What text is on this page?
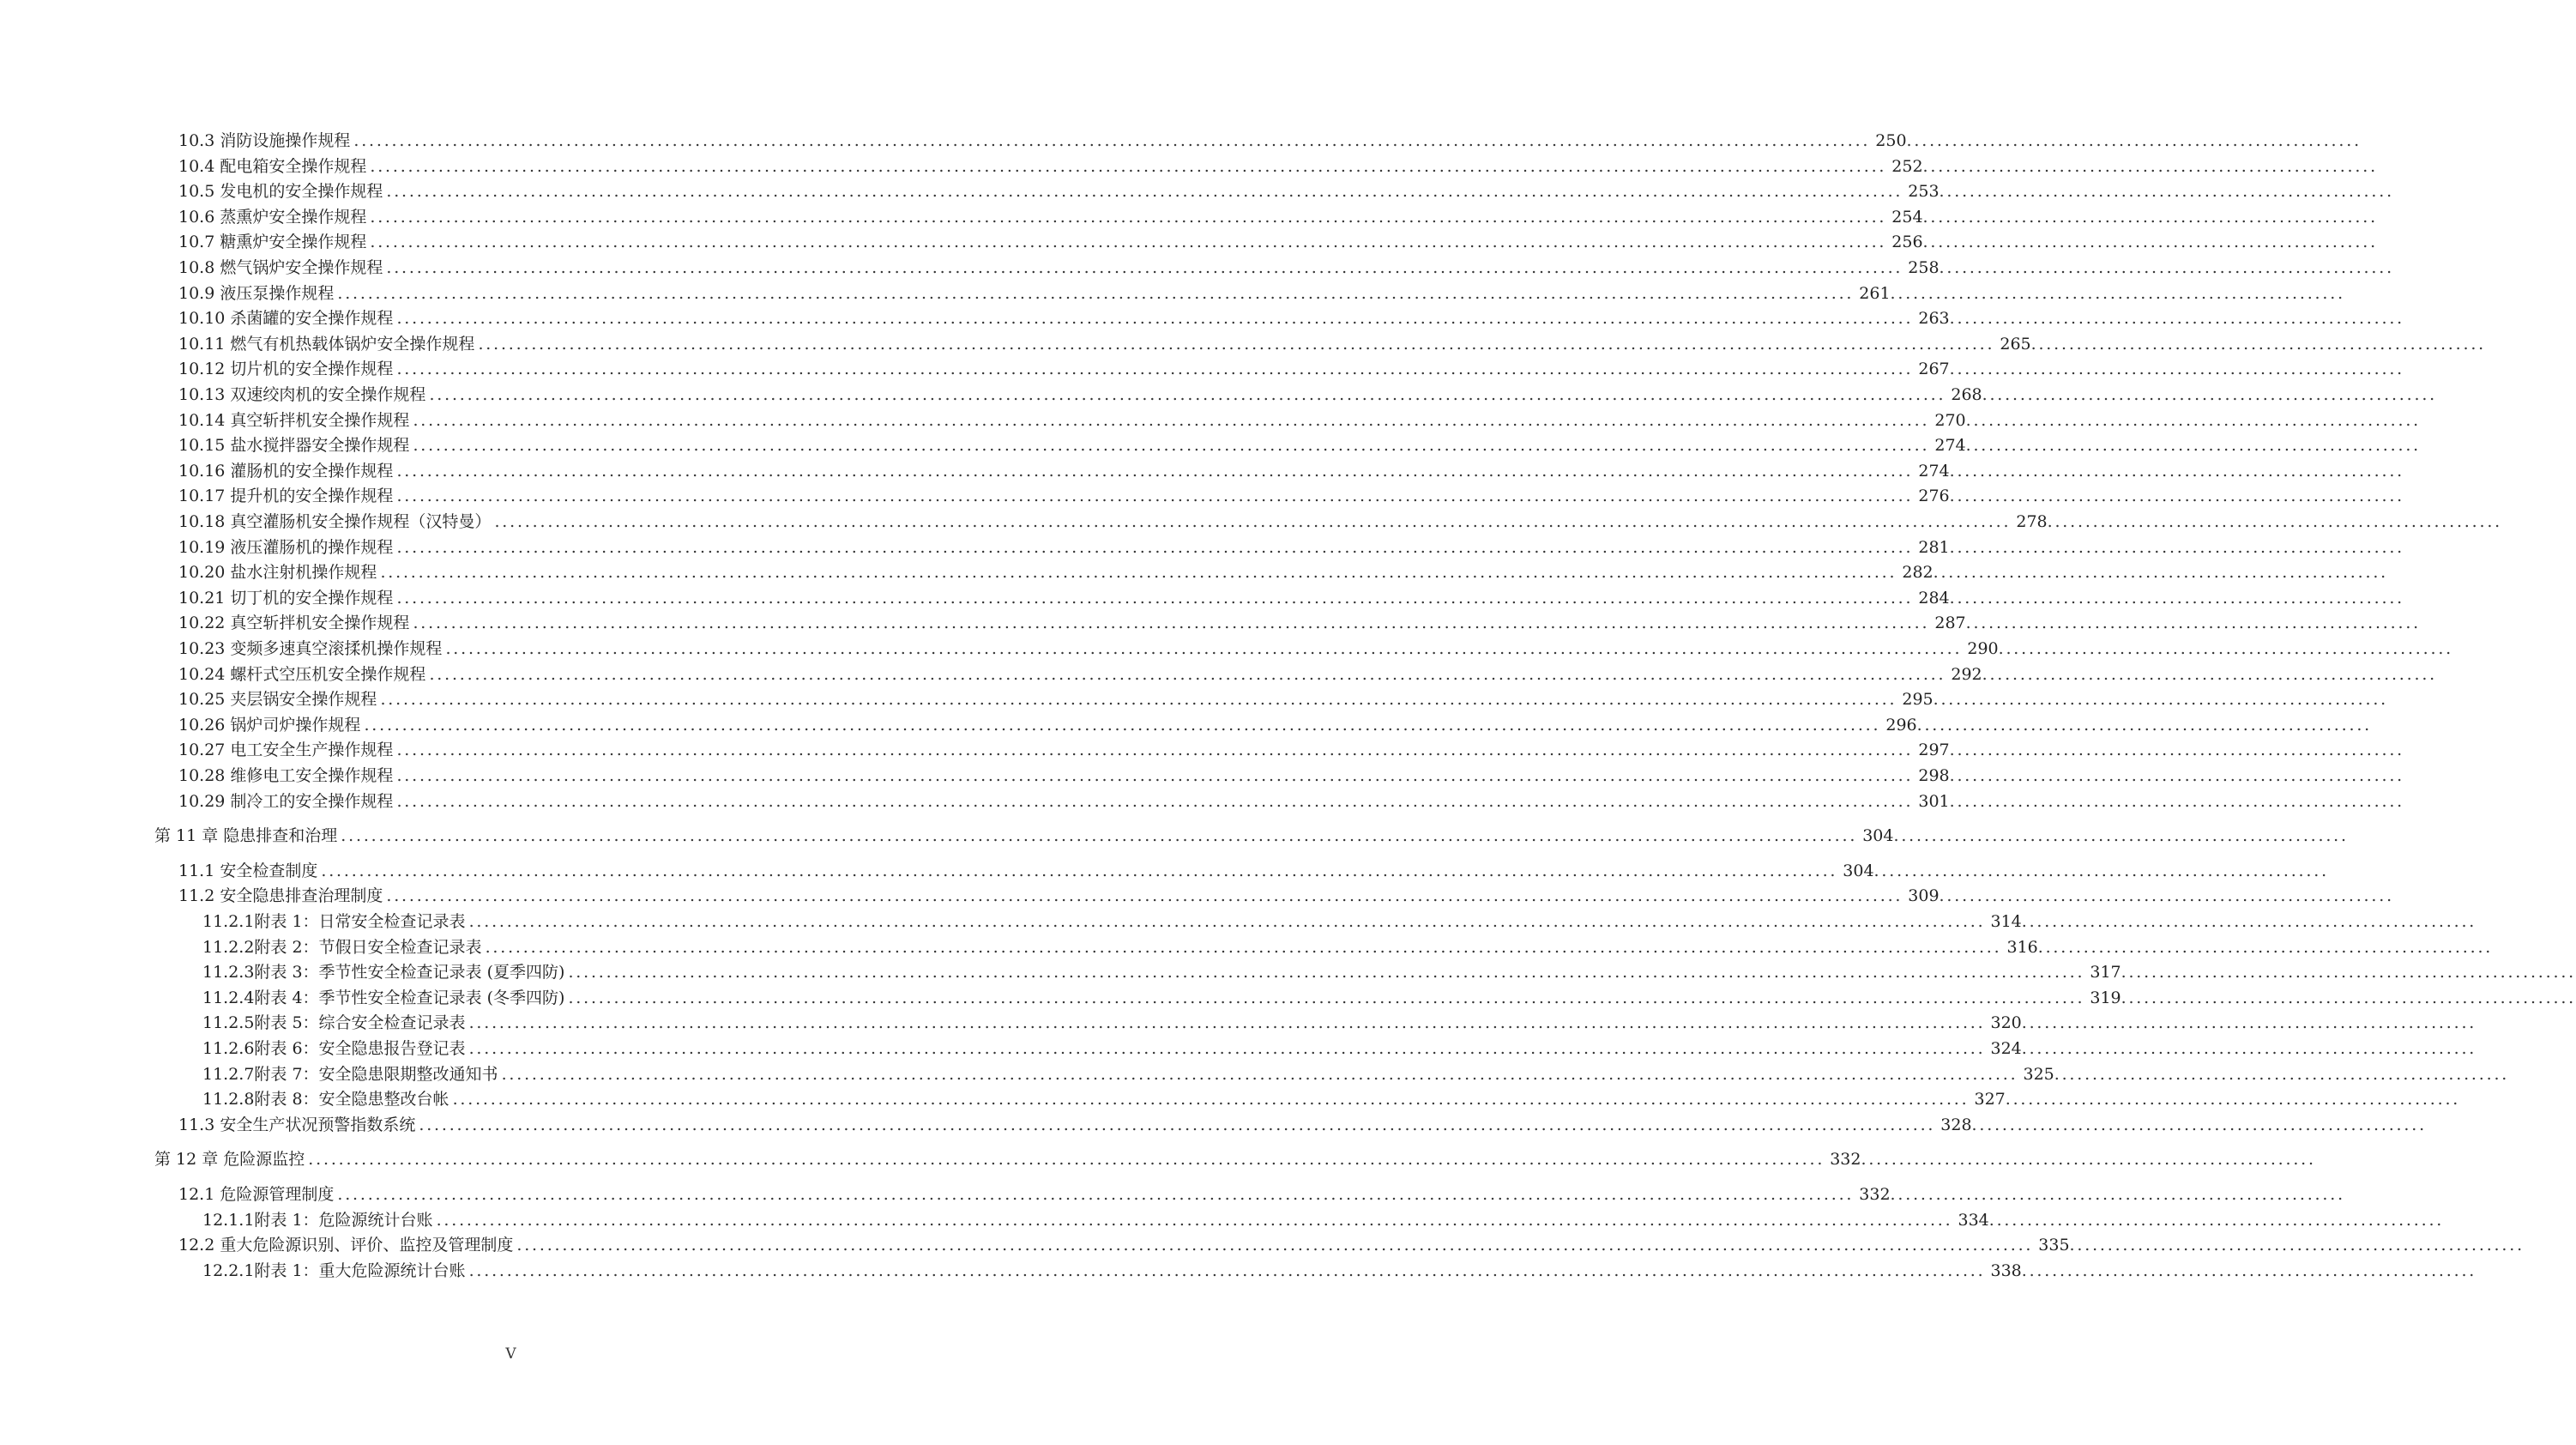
10.3 消防设施操作规程 ........................................................................................................................................................................................................ 250 ............................................................
10.4 配电箱安全操作规程 ........................................................................................................................................................................................................ 252 ............................................................
10.5 发电机的安全操作规程 ........................................................................................................................................................................................................ 253 ............................................................
10.6 蒸熏炉安全操作规程 ........................................................................................................................................................................................................ 254 ............................................................
10.7 糖熏炉安全操作规程 ........................................................................................................................................................................................................ 256 ............................................................
10.8 燃气锅炉安全操作规程 ........................................................................................................................................................................................................ 258 ............................................................
10.9 液压泵操作规程 ........................................................................................................................................................................................................ 261 ............................................................
10.10 杀菌罐的安全操作规程 ........................................................................................................................................................................................................ 263 ............................................................
10.11 燃气有机热载体锅炉安全操作规程 ........................................................................................................................................................................................................ 265 ............................................................
10.12 切片机的安全操作规程 ........................................................................................................................................................................................................ 267 ............................................................
10.13 双速绞肉机的安全操作规程 ........................................................................................................................................................................................................ 268 ............................................................
10.14 真空斩拌机安全操作规程 ........................................................................................................................................................................................................ 270 ............................................................
10.15 盐水搅拌器安全操作规程 ........................................................................................................................................................................................................ 274 ............................................................
10.16 灌肠机的安全操作规程 ........................................................................................................................................................................................................ 274 ............................................................
10.17 提升机的安全操作规程 ........................................................................................................................................................................................................ 276 ............................................................
10.18 真空灌肠机安全操作规程（汉特曼） ........................................................................................................................................................................................................ 278 ............................................................
10.19 液压灌肠机的操作规程 ........................................................................................................................................................................................................ 281 ............................................................
10.20 盐水注射机操作规程 ........................................................................................................................................................................................................ 282 ............................................................
10.21 切丁机的安全操作规程 ........................................................................................................................................................................................................ 284 ............................................................
10.22 真空斩拌机安全操作规程 ........................................................................................................................................................................................................ 287 ............................................................
10.23 变频多速真空滚揉机操作规程 ........................................................................................................................................................................................................ 290 ............................................................
10.24 螺杆式空压机安全操作规程 ........................................................................................................................................................................................................ 292 ............................................................
10.25 夹层锅安全操作规程 ........................................................................................................................................................................................................ 295 ............................................................
10.26 锅炉司炉操作规程 ........................................................................................................................................................................................................ 296 ............................................................
10.27 电工安全生产操作规程 ........................................................................................................................................................................................................ 297 ............................................................
10.28 维修电工安全操作规程 ........................................................................................................................................................................................................ 298 ............................................................
10.29 制冷工的安全操作规程 ........................................................................................................................................................................................................ 301 ............................................................
第 11 章 隐患排查和治理 ........................................................................................................................................................................................................ 304 ............................................................
11.1 安全检查制度 ........................................................................................................................................................................................................ 304 ............................................................
11.2 安全隐患排查治理制度 ........................................................................................................................................................................................................ 309 ............................................................
11.2.1附表 1：日常安全检查记录表 ........................................................................................................................................................................................................ 314 ............................................................
11.2.2附表 2：节假日安全检查记录表 ........................................................................................................................................................................................................ 316 ............................................................
11.2.3附表 3：季节性安全检查记录表 (夏季四防) ........................................................................................................................................................................................................ 317 ............................................................
11.2.4附表 4：季节性安全检查记录表 (冬季四防) ........................................................................................................................................................................................................ 319 ............................................................
11.2.5附表 5：综合安全检查记录表 ........................................................................................................................................................................................................ 320 ............................................................
11.2.6附表 6：安全隐患报告登记表 ........................................................................................................................................................................................................ 324 ............................................................
11.2.7附表 7：安全隐患限期整改通知书 ........................................................................................................................................................................................................ 325 ............................................................
11.2.8附表 8：安全隐患整改台帐 ........................................................................................................................................................................................................ 327 ............................................................
11.3 安全生产状况预警指数系统 ........................................................................................................................................................................................................ 328 ............................................................
第 12 章 危险源监控 ........................................................................................................................................................................................................ 332 ............................................................
12.1 危险源管理制度 ........................................................................................................................................................................................................ 332 ............................................................
12.1.1附表 1：危险源统计台账 ........................................................................................................................................................................................................ 334 ............................................................
12.2 重大危险源识别、评价、监控及管理制度 ........................................................................................................................................................................................................ 335 ............................................................
12.2.1附表 1：重大危险源统计台账 ........................................................................................................................................................................................................ 338 ............................................................
V
